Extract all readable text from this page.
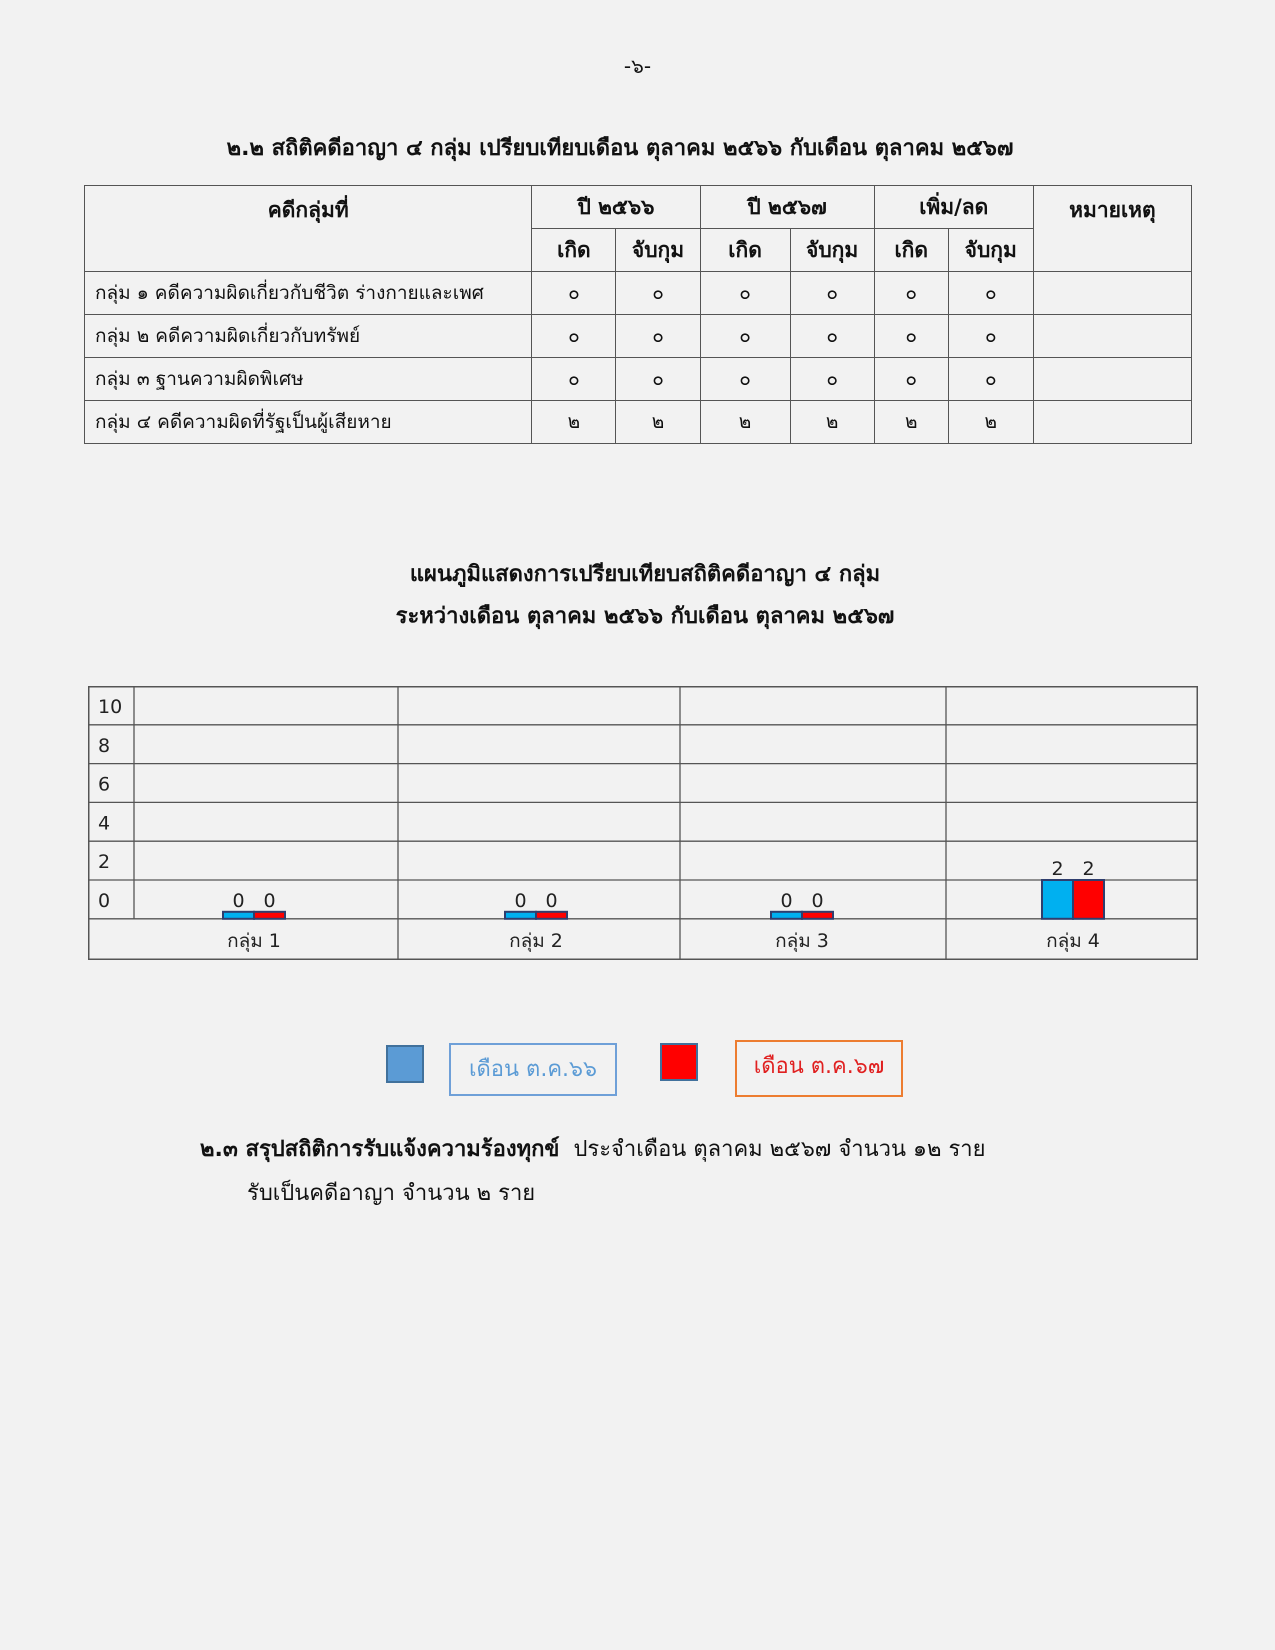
-๖-
๒.๒ สถิติคดีอาญา ๔ กลุ่ม เปรียบเทียบเดือน ตุลาคม ๒๕๖๖ กับเดือน ตุลาคม ๒๕๖๗
คดีกลุ่มที่	ปี ๒๕๖๖		ปี ๒๕๖๗		เพิ่ม/ลด		หมายเหตุ
	เกิด	จับกุม	เกิด	จับกุม	เกิด	จับกุม	
กลุ่ม ๑ คดีความผิดเกี่ยวกับชีวิต ร่างกายและเพศ	๐	๐	๐	๐	๐	๐	
กลุ่ม ๒ คดีความผิดเกี่ยวกับทรัพย์	๐	๐	๐	๐	๐	๐	
กลุ่ม ๓ ฐานความผิดพิเศษ	๐	๐	๐	๐	๐	๐	
กลุ่ม ๔ คดีความผิดที่รัฐเป็นผู้เสียหาย	๒	๒	๒	๒	๒	๒	
แผนภูมิแสดงการเปรียบเทียบสถิติคดีอาญา ๔ กลุ่ม
ระหว่างเดือน ตุลาคม ๒๕๖๖ กับเดือน ตุลาคม ๒๕๖๗
10
8
6
4
2
0
กลุ่ม 1
0 0
กลุ่ม 2
0 0
กลุ่ม 3
0 0
กลุ่ม 4
2 2
เดือน ต.ค.๖๖	เดือน ต.ค.๖๗
๒.๓ สรุปสถิติการรับแจ้งความร้องทุกข์  ประจำเดือน ตุลาคม ๒๕๖๗ จำนวน ๑๒ ราย
รับเป็นคดีอาญา จำนวน ๒ ราย
